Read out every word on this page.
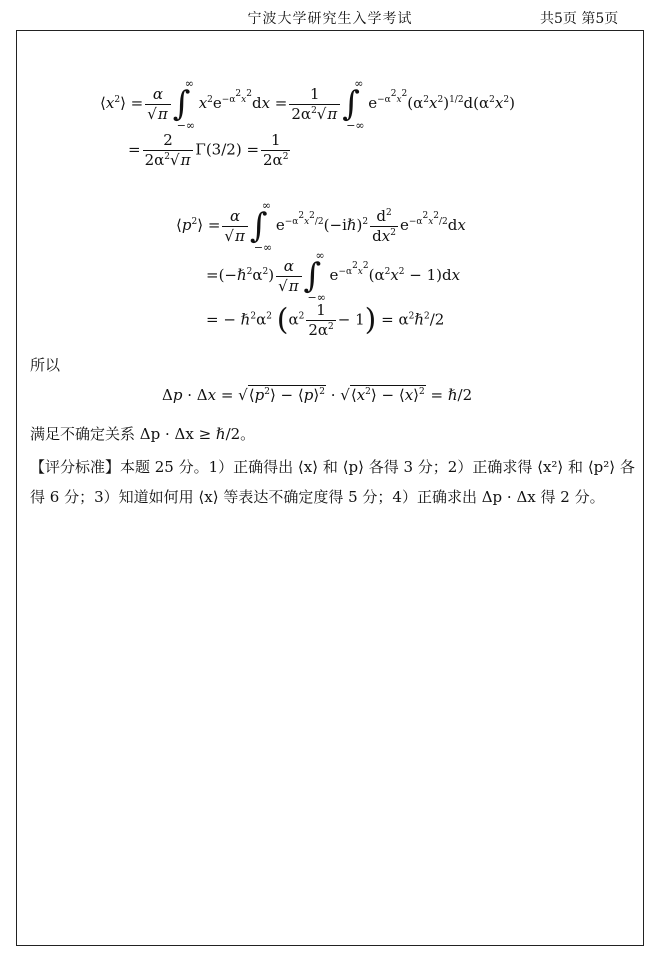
宁波大学研究生入学考试	共5页 第5页
$⟨x^2⟩ = \frac{\alpha}{√\pi}$ ∫
∞
−∞
$x^2e^{-\alpha^2x^2}dx = \frac{1}{2\alpha^2√\pi}$ ∫
∞
−∞
$e^{-\alpha^2x^2}(\alpha^2x^2)^{1/2}d(\alpha^2x^2)$
= $\frac{2}{2\alpha^2√\pi} \Gamma(3/2) = \frac{1}{2\alpha^2}$
$⟨p^2⟩ = \frac{\alpha}{√\pi}$ ∫
∞
−∞
$e^{-\alpha^2x^2/2}(-i\hbar)^2 \frac{d^2}{dx^2} e^{-\alpha^2x^2/2}dx$
$=(-\hbar^2\alpha^2) \frac{\alpha}{√\pi}$ ∫
∞
−∞
$e^{-\alpha^2x^2}(\alpha^2x^2 - 1)dx$
= − $\hbar^2\alpha^2$ $(\alpha^2 \frac{1}{2\alpha^2} - 1)$ = $\alpha^2\hbar^2/2$
所以
$\Delta p \cdot \Delta x = √⟨p^2⟩$ − ⟨p⟩$^2$ · $√⟨x^2⟩$ − ⟨x⟩$^2$ = ℏ/2
满足不确定关系 Δp · Δx ≥ ℏ/2。
【评分标准】本题 25 分。1）正确得出 ⟨x⟩ 和 ⟨p⟩ 各得 3 分；2）正确求得 ⟨x²⟩ 和 ⟨p²⟩ 各得 6 分；3）知道如何用 ⟨x⟩ 等表达不确定度得 5 分；4）正确求出 Δp · Δx 得 2 分。
